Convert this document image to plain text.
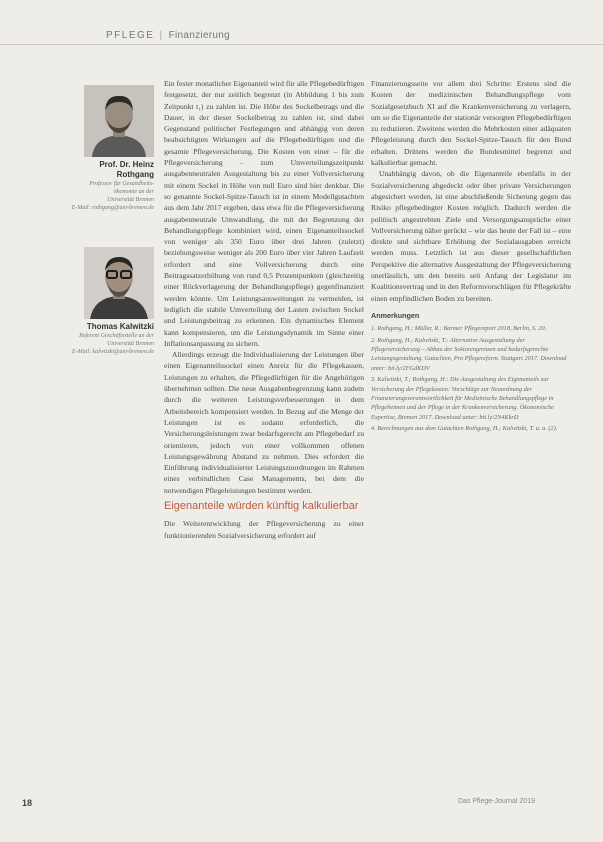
PFLEGE | Finanzierung
Prof. Dr. Heinz
Rothgang
Professor für Gesundheits-
ökonomie an der
Universität Bremen
E-Mail: rothgang@uni-bremen.de
Thomas Kalwitzki
Referent Geschäftsstelle an der
Universität Bremen
E-Mail: kalwitzki@uni-bremen.de

Ein fester monatlicher Eigenanteil wird für alle Pflegebedürftigen festgesetzt, der nur zeitlich begrenzt (in Abbildung 1 bis zum Zeitpunkt t₁) zu zahlen ist. Die Höhe des Sockelbetrags und die Dauer, in der dieser Sockelbetrag zu zahlen ist, sind dabei Gegenstand politischer Festlegungen und abhängig von deren beabsichtigten Wirkungen auf die Pflegebedürftigen und die gesamte Pflegeversicherung. Die Kosten von einer – für die Pflegeversicherung – zum Umverteilungszeitpunkt ausgabenneutralen Ausgestaltung bis zu einer Vollversicherung mit einem Sockel in Höhe von null Euro sind hier denkbar. Die so genannte Sockel-Spitze-Tausch ist in einem Modellgutachten aus dem Jahr 2017 ergeben, dass etwa für die Pflegeversicherung ausgabenneutrale Umwandlung, die mit der Begrenzung der Behandlungspflege kombiniert wird, einen Eigenanteilssockel von weniger als 350 Euro über drei Jahren (zuletzt) beziehungsweise weniger als 200 Euro über vier Jahren Laufzeit erfordert und eine Vollversicherung durch eine Beitragssatzerhöhung von rund 0,5 Prozentpunkten (gleichzeitig einer Rückverlagerung der Behandlungspflege) gegenfinanziert werden könnte. Um Leistungsausweitungen zu vermeiden, ist lediglich die stabile Umverteilung der Lasten zwischen Sockel und Leistungsbeitrag zu erkennen. Ein dynamisches Element kann kompensieren, um die Leistungsdynamik im Sinne einer Inflationsanpassung zu sichern.

Allerdings erzeugt die Individualisierung der Leistungen über einen Eigenanteilssockel einen Anreiz für die Pflegekassen, Leistungen zu erhalten, die Pflegedürftigen für die Angehörigen übernehmen sollten. Die neue Ausgabenbegrenzung kann zudem durch die weiteren Leistungsverbesserungen in dem Arbeitsbereich kompensiert werden. In Bezug auf die Menge der Leistungen ist es sodann erforderlich, die Versicherungsleistungen zwar bedarfsgerecht am Pflegebedarf zu orientieren, jedoch von einer vollkommen offenen Leistungsgewährung Abstand zu nehmen. Dies erfordert die Einführung individualisierter Leistungszuordnungen im Rahmen eines verbindlichen Case Managements, bei dem die notwendigen Pflegeleistungen bestimmt werden.

Eigenanteile würden künftig kalkulierbar

Die Weiterentwicklung der Pflegeversicherung zu einer funktionierenden Sozialversicherung erfordert auf

Finanzierungsseite vor allem drei Schritte: Erstens sind die Kosten der medizinischen Behandlungspflege vom Sozialgesetzbuch XI auf die Krankenversicherung zu verlagern, um so die Eigenanteile der stationär versorgten Pflegebedürftigen zu reduzieren. Zweitens werden die Mehrkosten einer adäquaten Pflegeleistung durch den Sockel-Spitze-Tausch für den Bund erhalten. Drittens werden die Bundesmittel begrenzt und kalkulierbar gemacht.

Unabhängig davon, ob die Eigenanteile ebenfalls in der Sozialversicherung abgedeckt oder über private Versicherungen abgesichert werden, ist eine abschließende Sicherung gegen das Risiko pflegebedingter Kosten möglich. Dadurch werden die politisch angestrebten Ziele und Versorgungsansprüche einer Vollversicherung näher gerückt – wie das heute der Fall ist – eine direkte und sichtbare Erhöhung der Sozialausgaben erreicht werden muss. Letztlich ist aus dieser gesellschaftlichen Perspektive die alternative Ausgestaltung der Pflegeversicherung unerlässlich, um den bereits seit Anfang der Legislatur im Koalitionsvertrag und in den Reformvorschlägen für Pflegekräfte einen empfindlichen Boden zu bereiten.

Anmerkungen
1. Rothgang, H.; Müller, R.: Barmer Pflegereport 2018, Berlin, S. 20.
2. Rothgang, H.; Kalwitzki, T.: Alternative Ausgestaltung der Pflegeversicherung – Abbau der Sektorengrenzen und bedarfsgerechte Leistungsgestaltung. Gutachten, Pro Pflegereform. Stuttgart 2017. Download unter: bit.ly/2FGdKDV
3. Kalwitzki, T.; Rothgang, H.: Die Ausgestaltung des Eigenanteils zur Versicherung der Pflegekosten: Vorschläge zur Neuordnung der Finanzierungsverantwortlichkeit für Medizinische Behandlungspflege in Pflegeheimen und der Pflege in der Krankenversicherung. Ökonomische Expertise, Bremen 2017. Download unter: bit.ly/2N4KkrD
4. Berechnungen aus dem Gutachten Rothgang, H.; Kalwitzki, T. u. a. (2).
18	Das Pflege-Journal 2019
